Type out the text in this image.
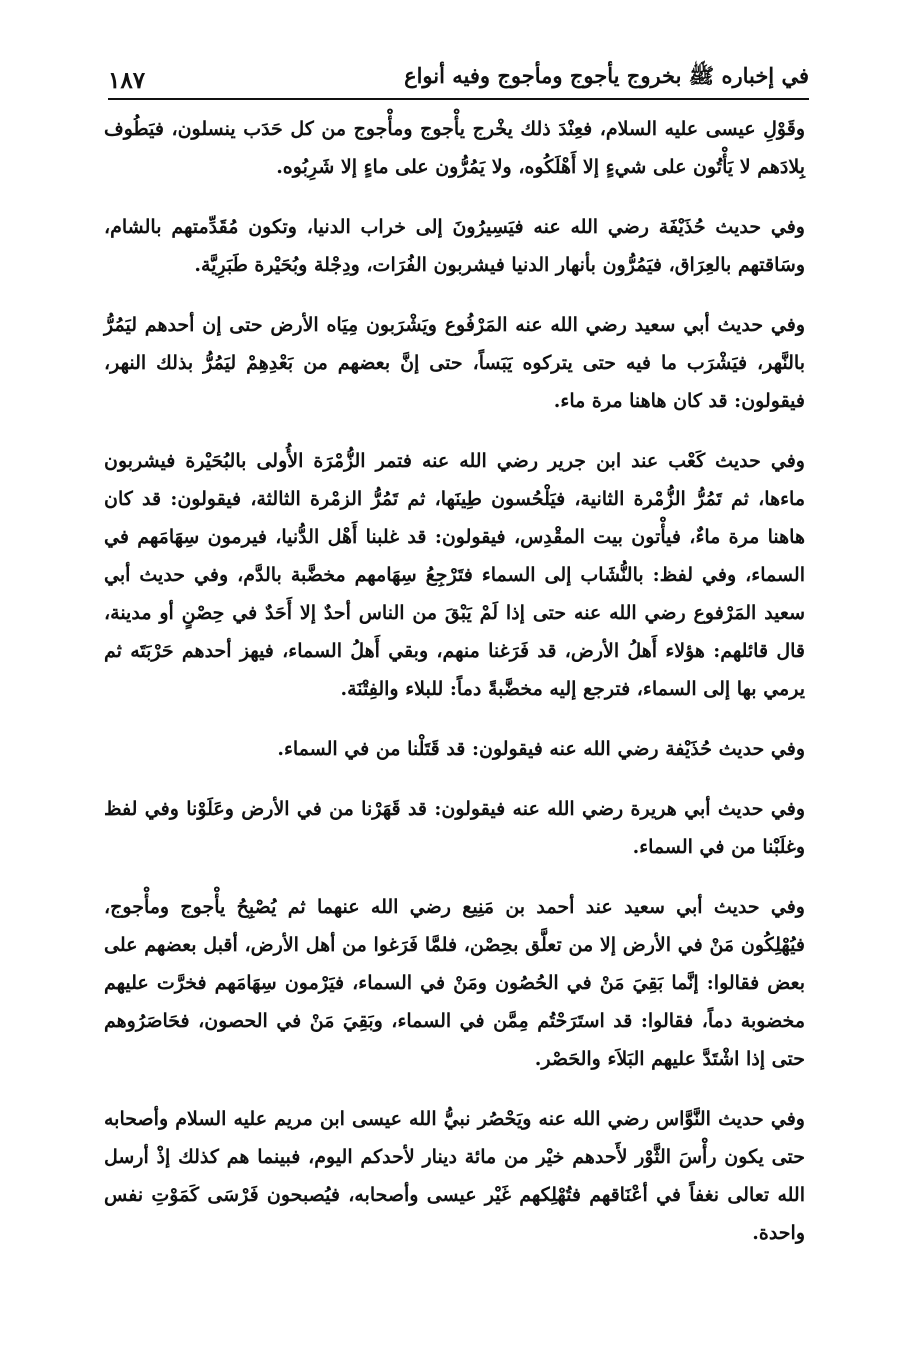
في إخباره ﷺ بخروج يأجوج ومأجوج وفيه أنواع
١٨٧

وقَوْلِ عيسى عليه السلام، فعِنْدَ ذلك يخْرج يأْجوج ومأْجوج من كل حَدَب ينسلون، فيَطُوف بِلادَهم لا يَأْتُون على شيءٍ إلا أَهْلَكُوه، ولا يَمُرُّون على ماءٍ إلا شَرِبُوه.

وفي حديث حُذَيْفَة رضي الله عنه فيَسِيرُونَ إلى خراب الدنيا، وتكون مُقَدِّمتهم بالشام، وسَاقتهم بالعِرَاق، فيَمُرُّون بأنهار الدنيا فيشربون الفُرَات، ودِجْلة وبُحَيْرة طَبَرِيَّة.

وفي حديث أبي سعيد رضي الله عنه المَرْفُوع ويَشْرَبون مِيَاه الأرض حتى إن أحدهم ليَمُرُّ بالنَّهر، فيَشْرَب ما فيه حتى يتركوه يَبَساً، حتى إنَّ بعضهم من بَعْدِهِمْ ليَمُرُّ بذلك النهر، فيقولون: قد كان هاهنا مرة ماء.

وفي حديث كَعْب عند ابن جرير رضي الله عنه فتمر الزُّمْرَة الأُولى بالبُحَيْرة فيشربون ماءها، ثم تَمُرُّ الزُّمْرة الثانية، فيَلْحُسون طِينَها، ثم تَمُرُّ الزمْرة الثالثة، فيقولون: قد كان هاهنا مرة ماءٌ، فيأْتون بيت المقْدِس، فيقولون: قد غلبنا أَهْل الدُّنيا، فيرمون سِهَامَهم في السماء، وفي لفظ: بالنُّشَاب إلى السماء فتَرْجِعُ سِهَامهم مخضَّبة بالدَّم، وفي حديث أبي سعيد المَرْفوع رضي الله عنه حتى إذا لَمْ يَبْقَ من الناس أحدٌ إلا أَحَدٌ في حِصْنٍ أو مدينة، قال قائلهم: هؤلاء أَهلُ الأرض، قد فَرَغنا منهم، وبقي أَهلُ السماء، فيهز أحدهم حَرْبَتَه ثم يرمي بها إلى السماء، فترجع إليه مخضَّبةً دماً: للبلاء والفِتْنَة.

وفي حديث حُذَيْفة رضي الله عنه فيقولون: قد قَتَلْنا من في السماء.

وفي حديث أبي هريرة رضي الله عنه فيقولون: قد قَهَرْنا من في الأرض وعَلَوْنا وفي لفظ وغلَبْنا من في السماء.

وفي حديث أبي سعيد عند أحمد بن مَنِيع رضي الله عنهما ثم يُصْبِحُ يأْجوج ومأْجوج، فيُهْلِكُون مَنْ في الأرض إلا من تعلَّق بحِصْن، فلمَّا فَرَغوا من أهل الأرض، أقبل بعضهم على بعض فقالوا: إنَّما بَقِيَ مَنْ في الحُصُون ومَنْ في السماء، فيَرْمون سِهَامَهم فخرَّت عليهم مخضوبة دماً، فقالوا: قد استَرَحْتُم مِمَّن في السماء، وبَقِيَ مَنْ في الحصون، فحَاصَرُوهم حتى إذا اشْتَدَّ عليهم البَلاَء والحَصْر.

وفي حديث النَّوَّاس رضي الله عنه ويَحْصُر نبيُّ الله عيسى ابن مريم عليه السلام وأصحابه حتى يكون رأْسَ الثَّوْر لأَحدهم خيْر من مائة دينار لأحدكم اليوم، فبينما هم كذلك إذْ أرسل الله تعالى نغفاً في أعْنَاقهم فتُهْلِكهم غَيْر عيسى وأصحابه، فيُصبحون فَرْسَى كَمَوْتِ نفس واحدة.
